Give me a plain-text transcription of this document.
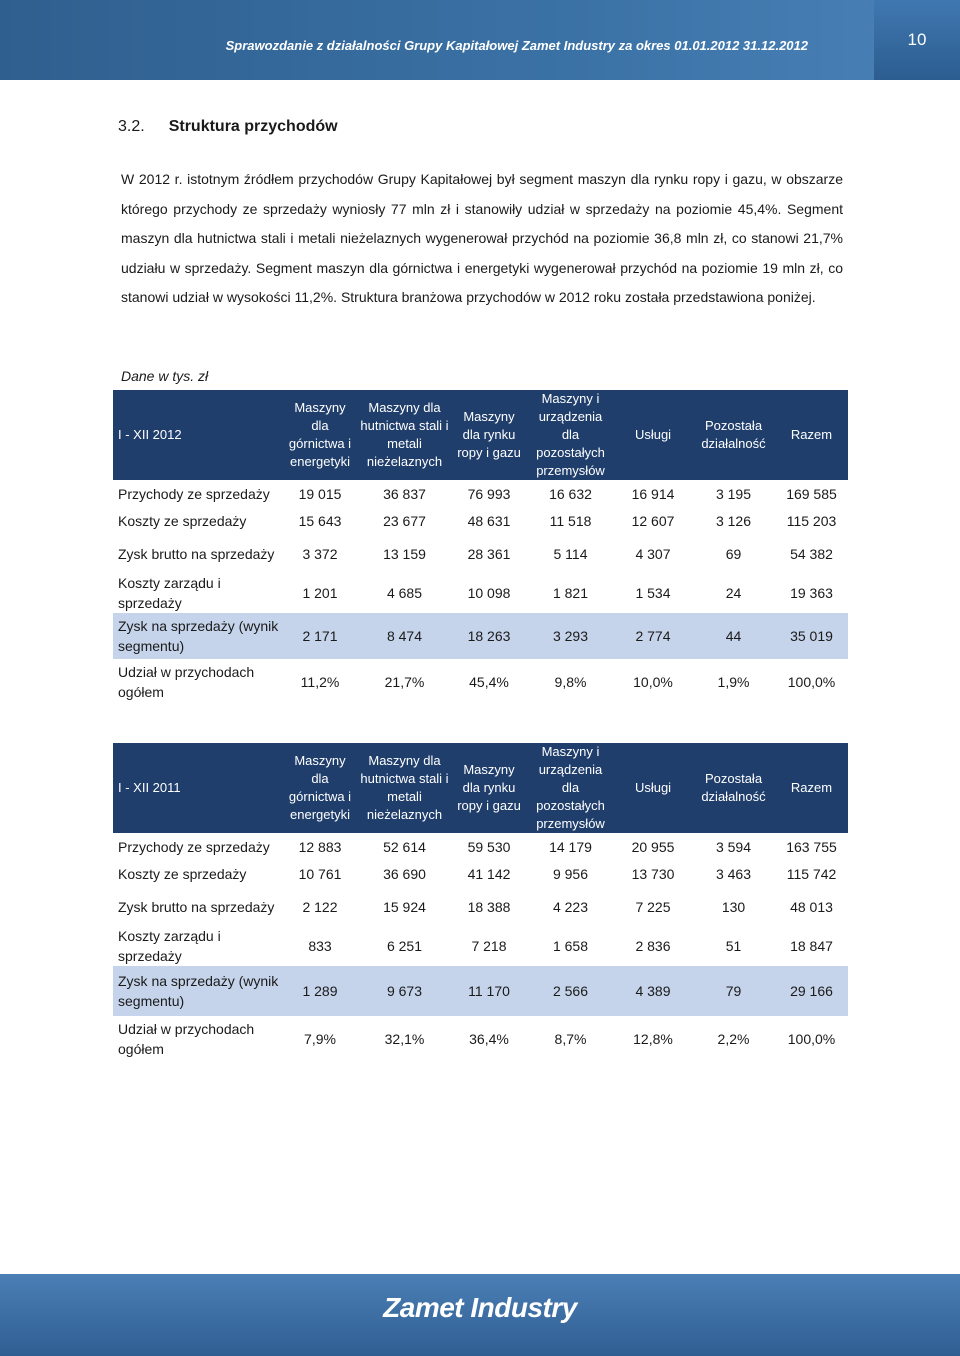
Sprawozdanie z działalności Grupy Kapitałowej Zamet Industry za okres 01.01.2012 31.12.2012	10
3.2. Struktura przychodów
W 2012 r. istotnym źródłem przychodów Grupy Kapitałowej był segment maszyn dla rynku ropy i gazu, w obszarze którego przychody ze sprzedaży wyniosły 77 mln zł i stanowiły udział w sprzedaży na poziomie 45,4%. Segment maszyn dla hutnictwa stali i metali nieżelaznych wygenerował przychód na poziomie 36,8 mln zł, co stanowi 21,7% udziału w sprzedaży. Segment maszyn dla górnictwa i energetyki wygenerował przychód na poziomie 19 mln zł, co stanowi udział w wysokości 11,2%. Struktura branżowa przychodów w 2012 roku została przedstawiona poniżej.
Dane w tys. zł
I - XII 2012	Maszyny dla górnictwa i energetyki	Maszyny dla hutnictwa stali i metali nieżelaznych	Maszyny dla rynku ropy i gazu	Maszyny i urządzenia dla pozostałych przemysłów	Usługi	Pozostała działalność	Razem
Przychody ze sprzedaży	19 015	36 837	76 993	16 632	16 914	3 195	169 585
Koszty ze sprzedaży	15 643	23 677	48 631	11 518	12 607	3 126	115 203
Zysk brutto na sprzedaży	3 372	13 159	28 361	5 114	4 307	69	54 382
Koszty zarządu i sprzedaży	1 201	4 685	10 098	1 821	1 534	24	19 363
Zysk na sprzedaży (wynik segmentu)	2 171	8 474	18 263	3 293	2 774	44	35 019
Udział w przychodach ogółem	11,2%	21,7%	45,4%	9,8%	10,0%	1,9%	100,0%
I - XII 2011	Maszyny dla górnictwa i energetyki	Maszyny dla hutnictwa stali i metali nieżelaznych	Maszyny dla rynku ropy i gazu	Maszyny i urządzenia dla pozostałych przemysłów	Usługi	Pozostała działalność	Razem
Przychody ze sprzedaży	12 883	52 614	59 530	14 179	20 955	3 594	163 755
Koszty ze sprzedaży	10 761	36 690	41 142	9 956	13 730	3 463	115 742
Zysk brutto na sprzedaży	2 122	15 924	18 388	4 223	7 225	130	48 013
Koszty zarządu i sprzedaży	833	6 251	7 218	1 658	2 836	51	18 847
Zysk na sprzedaży (wynik segmentu)	1 289	9 673	11 170	2 566	4 389	79	29 166
Udział w przychodach ogółem	7,9%	32,1%	36,4%	8,7%	12,8%	2,2%	100,0%
Zamet Industry
